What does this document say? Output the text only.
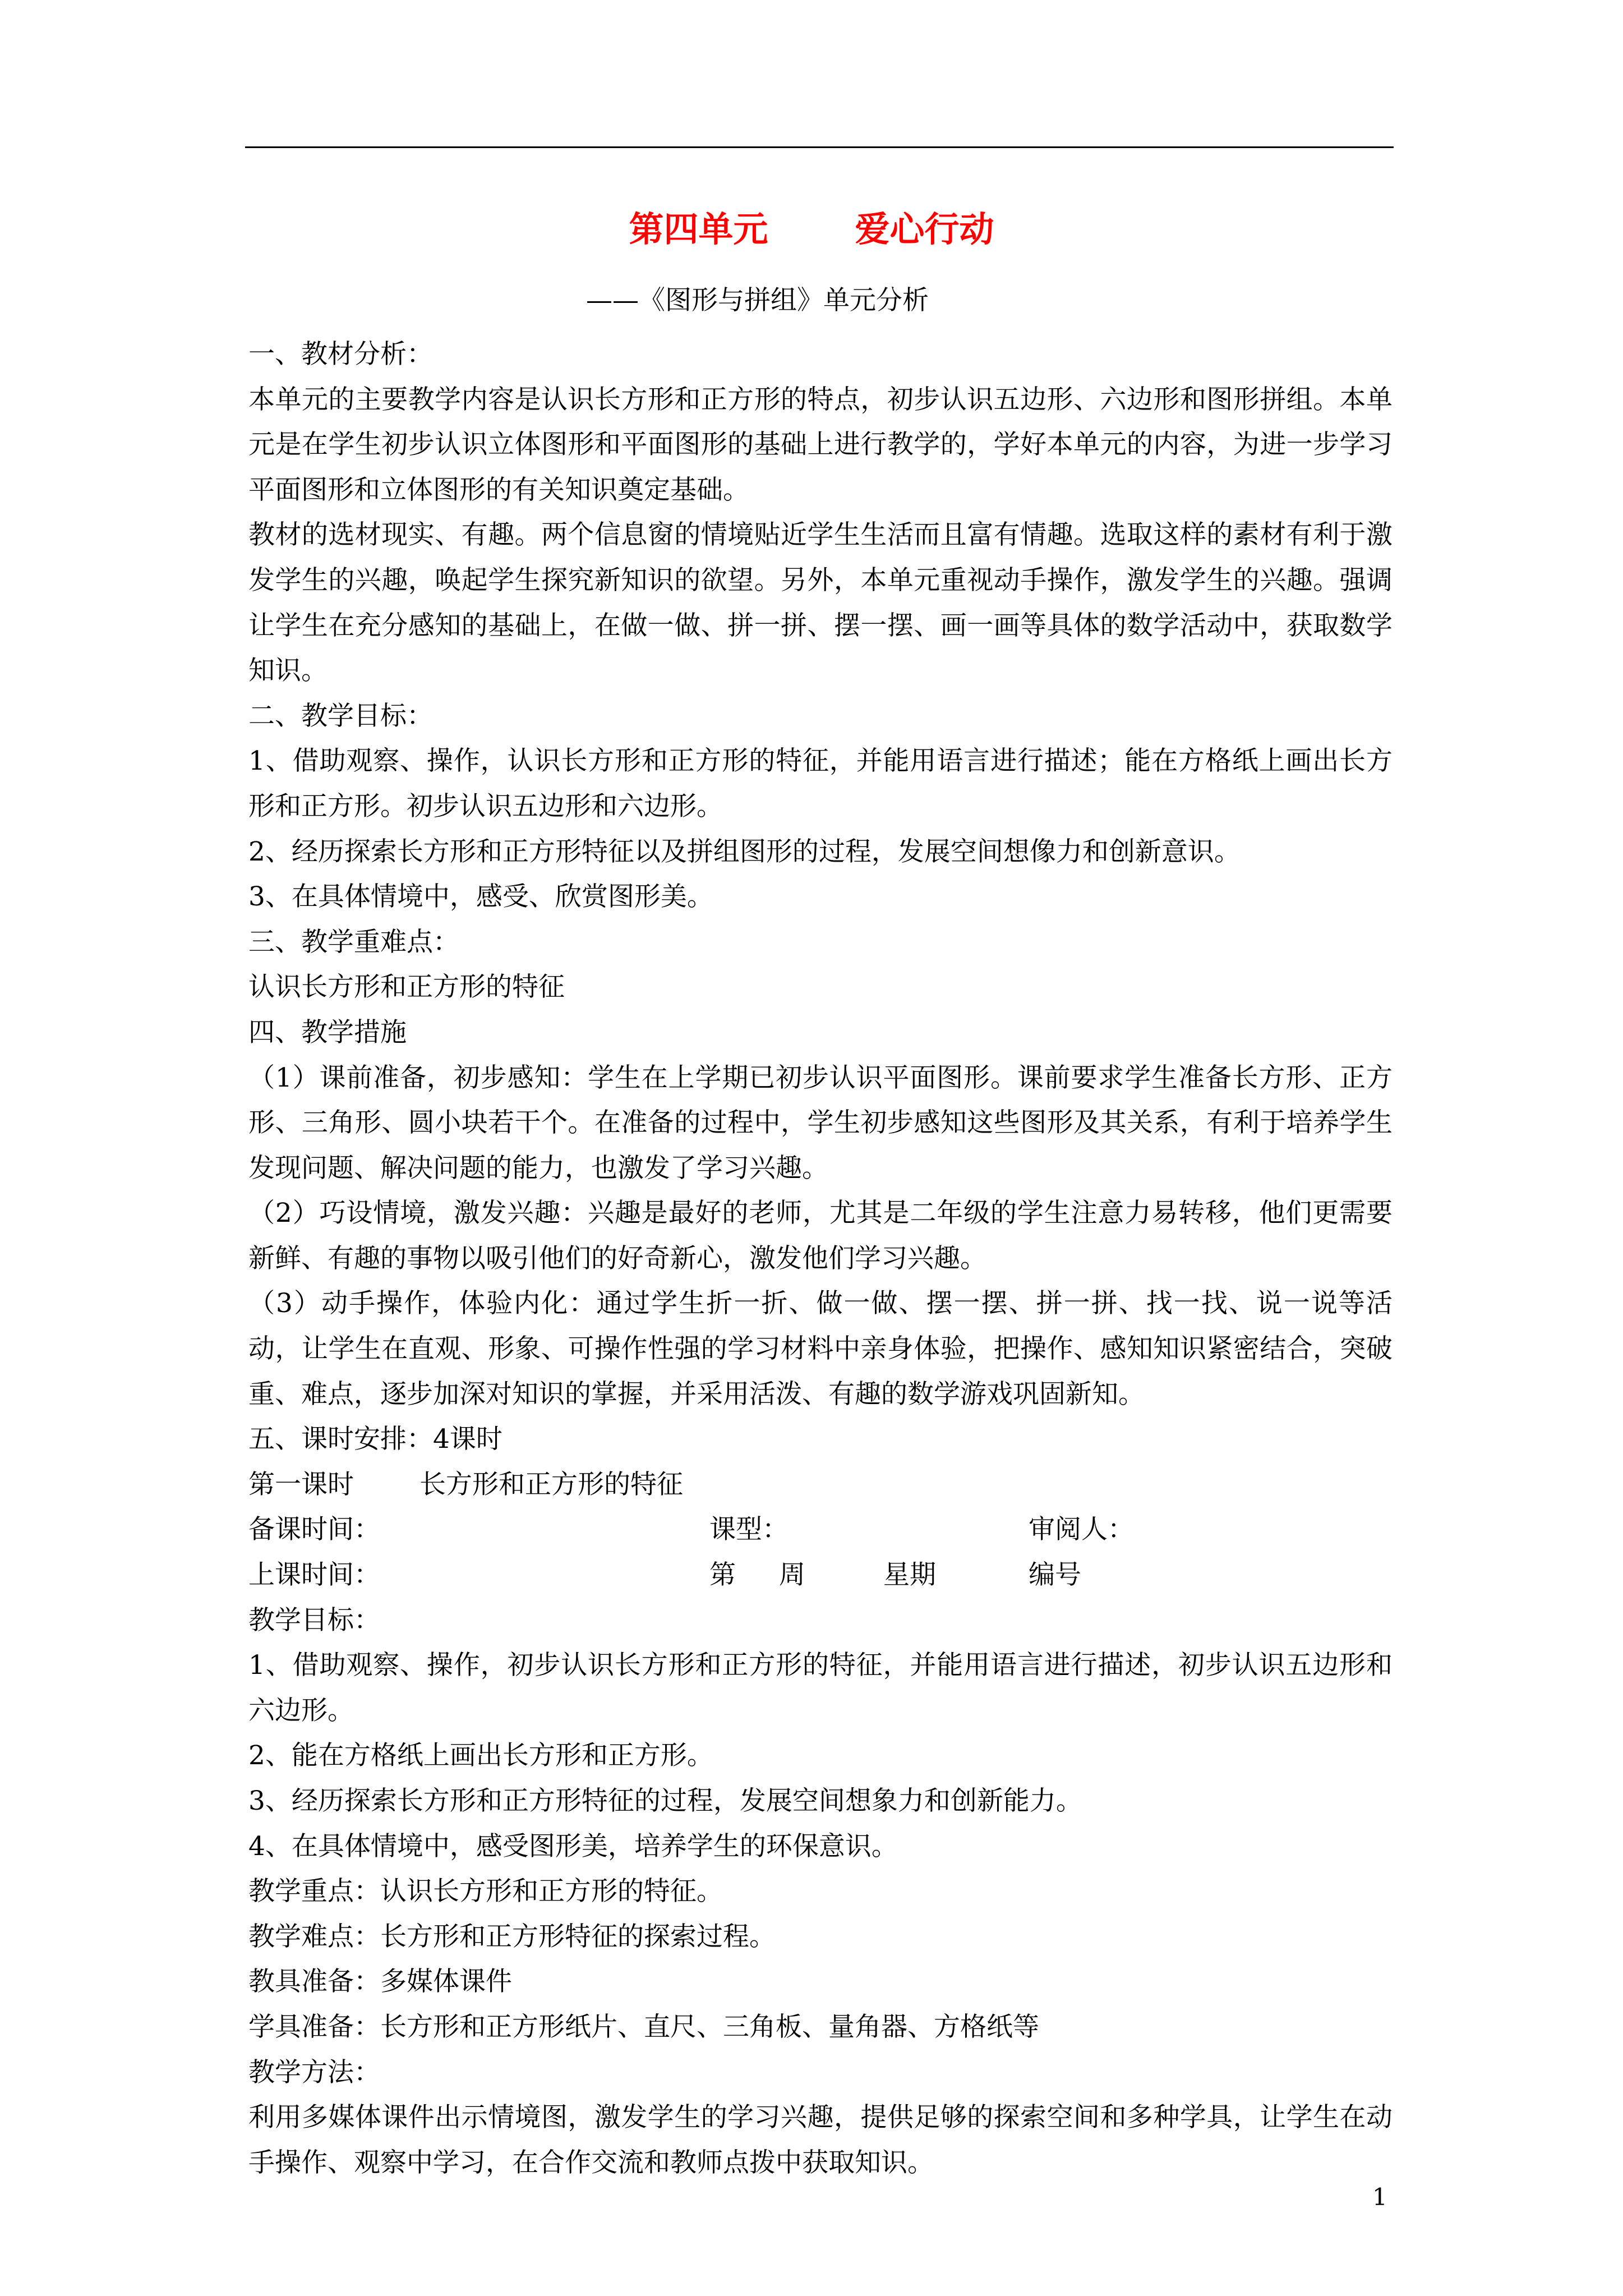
第四单元	爱心行动
——《图形与拼组》单元分析

一、教材分析：

本单元的主要教学内容是认识长方形和正方形的特点，初步认识五边形、六边形和图形拼组。本单元是在学生初步认识立体图形和平面图形的基础上进行教学的，学好本单元的内容，为进一步学习平面图形和立体图形的有关知识奠定基础。

教材的选材现实、有趣。两个信息窗的情境贴近学生生活而且富有情趣。选取这样的素材有利于激发学生的兴趣，唤起学生探究新知识的欲望。另外，本单元重视动手操作，激发学生的兴趣。强调让学生在充分感知的基础上，在做一做、拼一拼、摆一摆、画一画等具体的数学活动中，获取数学知识。

二、教学目标：

1、借助观察、操作，认识长方形和正方形的特征，并能用语言进行描述；能在方格纸上画出长方形和正方形。初步认识五边形和六边形。

2、经历探索长方形和正方形特征以及拼组图形的过程，发展空间想像力和创新意识。

3、在具体情境中，感受、欣赏图形美。

三、教学重难点：

认识长方形和正方形的特征

四、教学措施

（1）课前准备，初步感知：学生在上学期已初步认识平面图形。课前要求学生准备长方形、正方形、三角形、圆小块若干个。在准备的过程中，学生初步感知这些图形及其关系，有利于培养学生发现问题、解决问题的能力，也激发了学习兴趣。

（2）巧设情境，激发兴趣：兴趣是最好的老师，尤其是二年级的学生注意力易转移，他们更需要新鲜、有趣的事物以吸引他们的好奇新心，激发他们学习兴趣。

（3）动手操作，体验内化：通过学生折一折、做一做、摆一摆、拼一拼、找一找、说一说等活动，让学生在直观、形象、可操作性强的学习材料中亲身体验，把操作、感知知识紧密结合，突破重、难点，逐步加深对知识的掌握，并采用活泼、有趣的数学游戏巩固新知。

五、课时安排：4课时

第一课时 长方形和正方形的特征
备课时间：	课型：	审阅人：
上课时间：	第 周	星期	编号

教学目标：

1、借助观察、操作，初步认识长方形和正方形的特征，并能用语言进行描述，初步认识五边形和六边形。

2、能在方格纸上画出长方形和正方形。

3、经历探索长方形和正方形特征的过程，发展空间想象力和创新能力。

4、在具体情境中，感受图形美，培养学生的环保意识。

教学重点：认识长方形和正方形的特征。

教学难点：长方形和正方形特征的探索过程。

教具准备：多媒体课件

学具准备：长方形和正方形纸片、直尺、三角板、量角器、方格纸等

教学方法：

利用多媒体课件出示情境图，激发学生的学习兴趣，提供足够的探索空间和多种学具，让学生在动手操作、观察中学习，在合作交流和教师点拨中获取知识。

1
